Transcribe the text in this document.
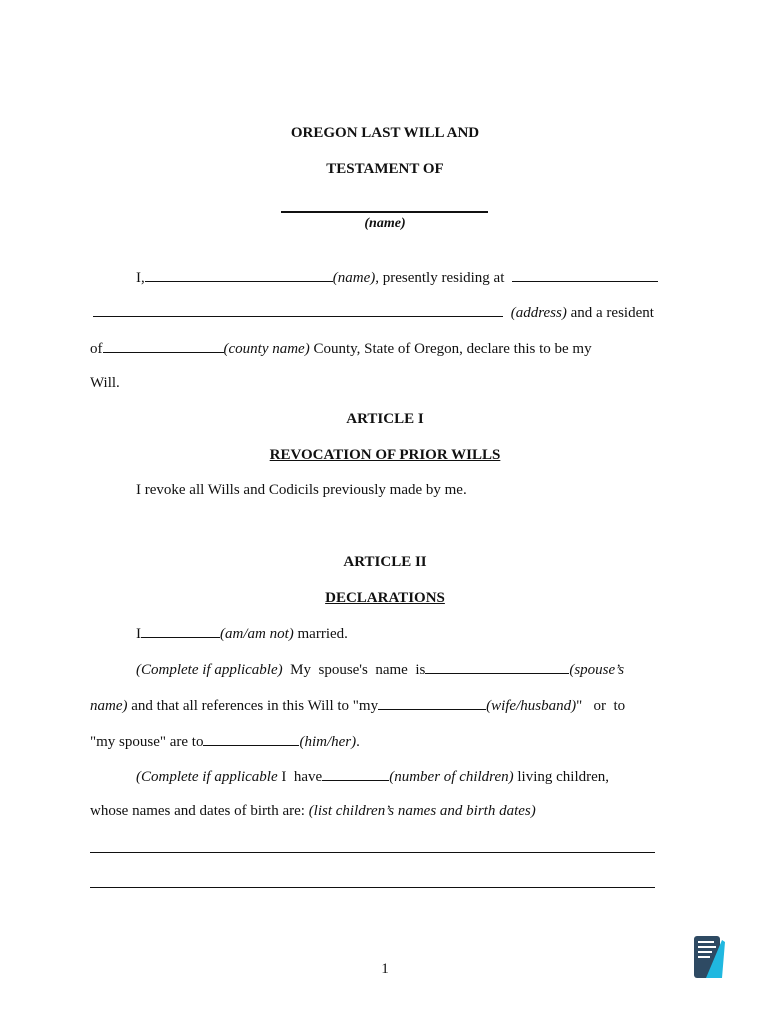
OREGON LAST WILL AND
TESTAMENT OF
(name)
I,	(name), presently residing at
(address) and a resident
of	(county name) County, State of Oregon, declare this to be my
Will.
ARTICLE I
REVOCATION OF PRIOR WILLS
I revoke all Wills and Codicils previously made by me.
ARTICLE II
DECLARATIONS
I	(am/am not) married.
(Complete if applicable)  My  spouse's  name  is	(spouse’s
name) and that all references in this Will to "my	(wife/husband)"   or  to
"my spouse" are to	(him/her).
(Complete if applicable I  have	(number of children) living children,
whose names and dates of birth are: (list children’s names and birth dates)
1
